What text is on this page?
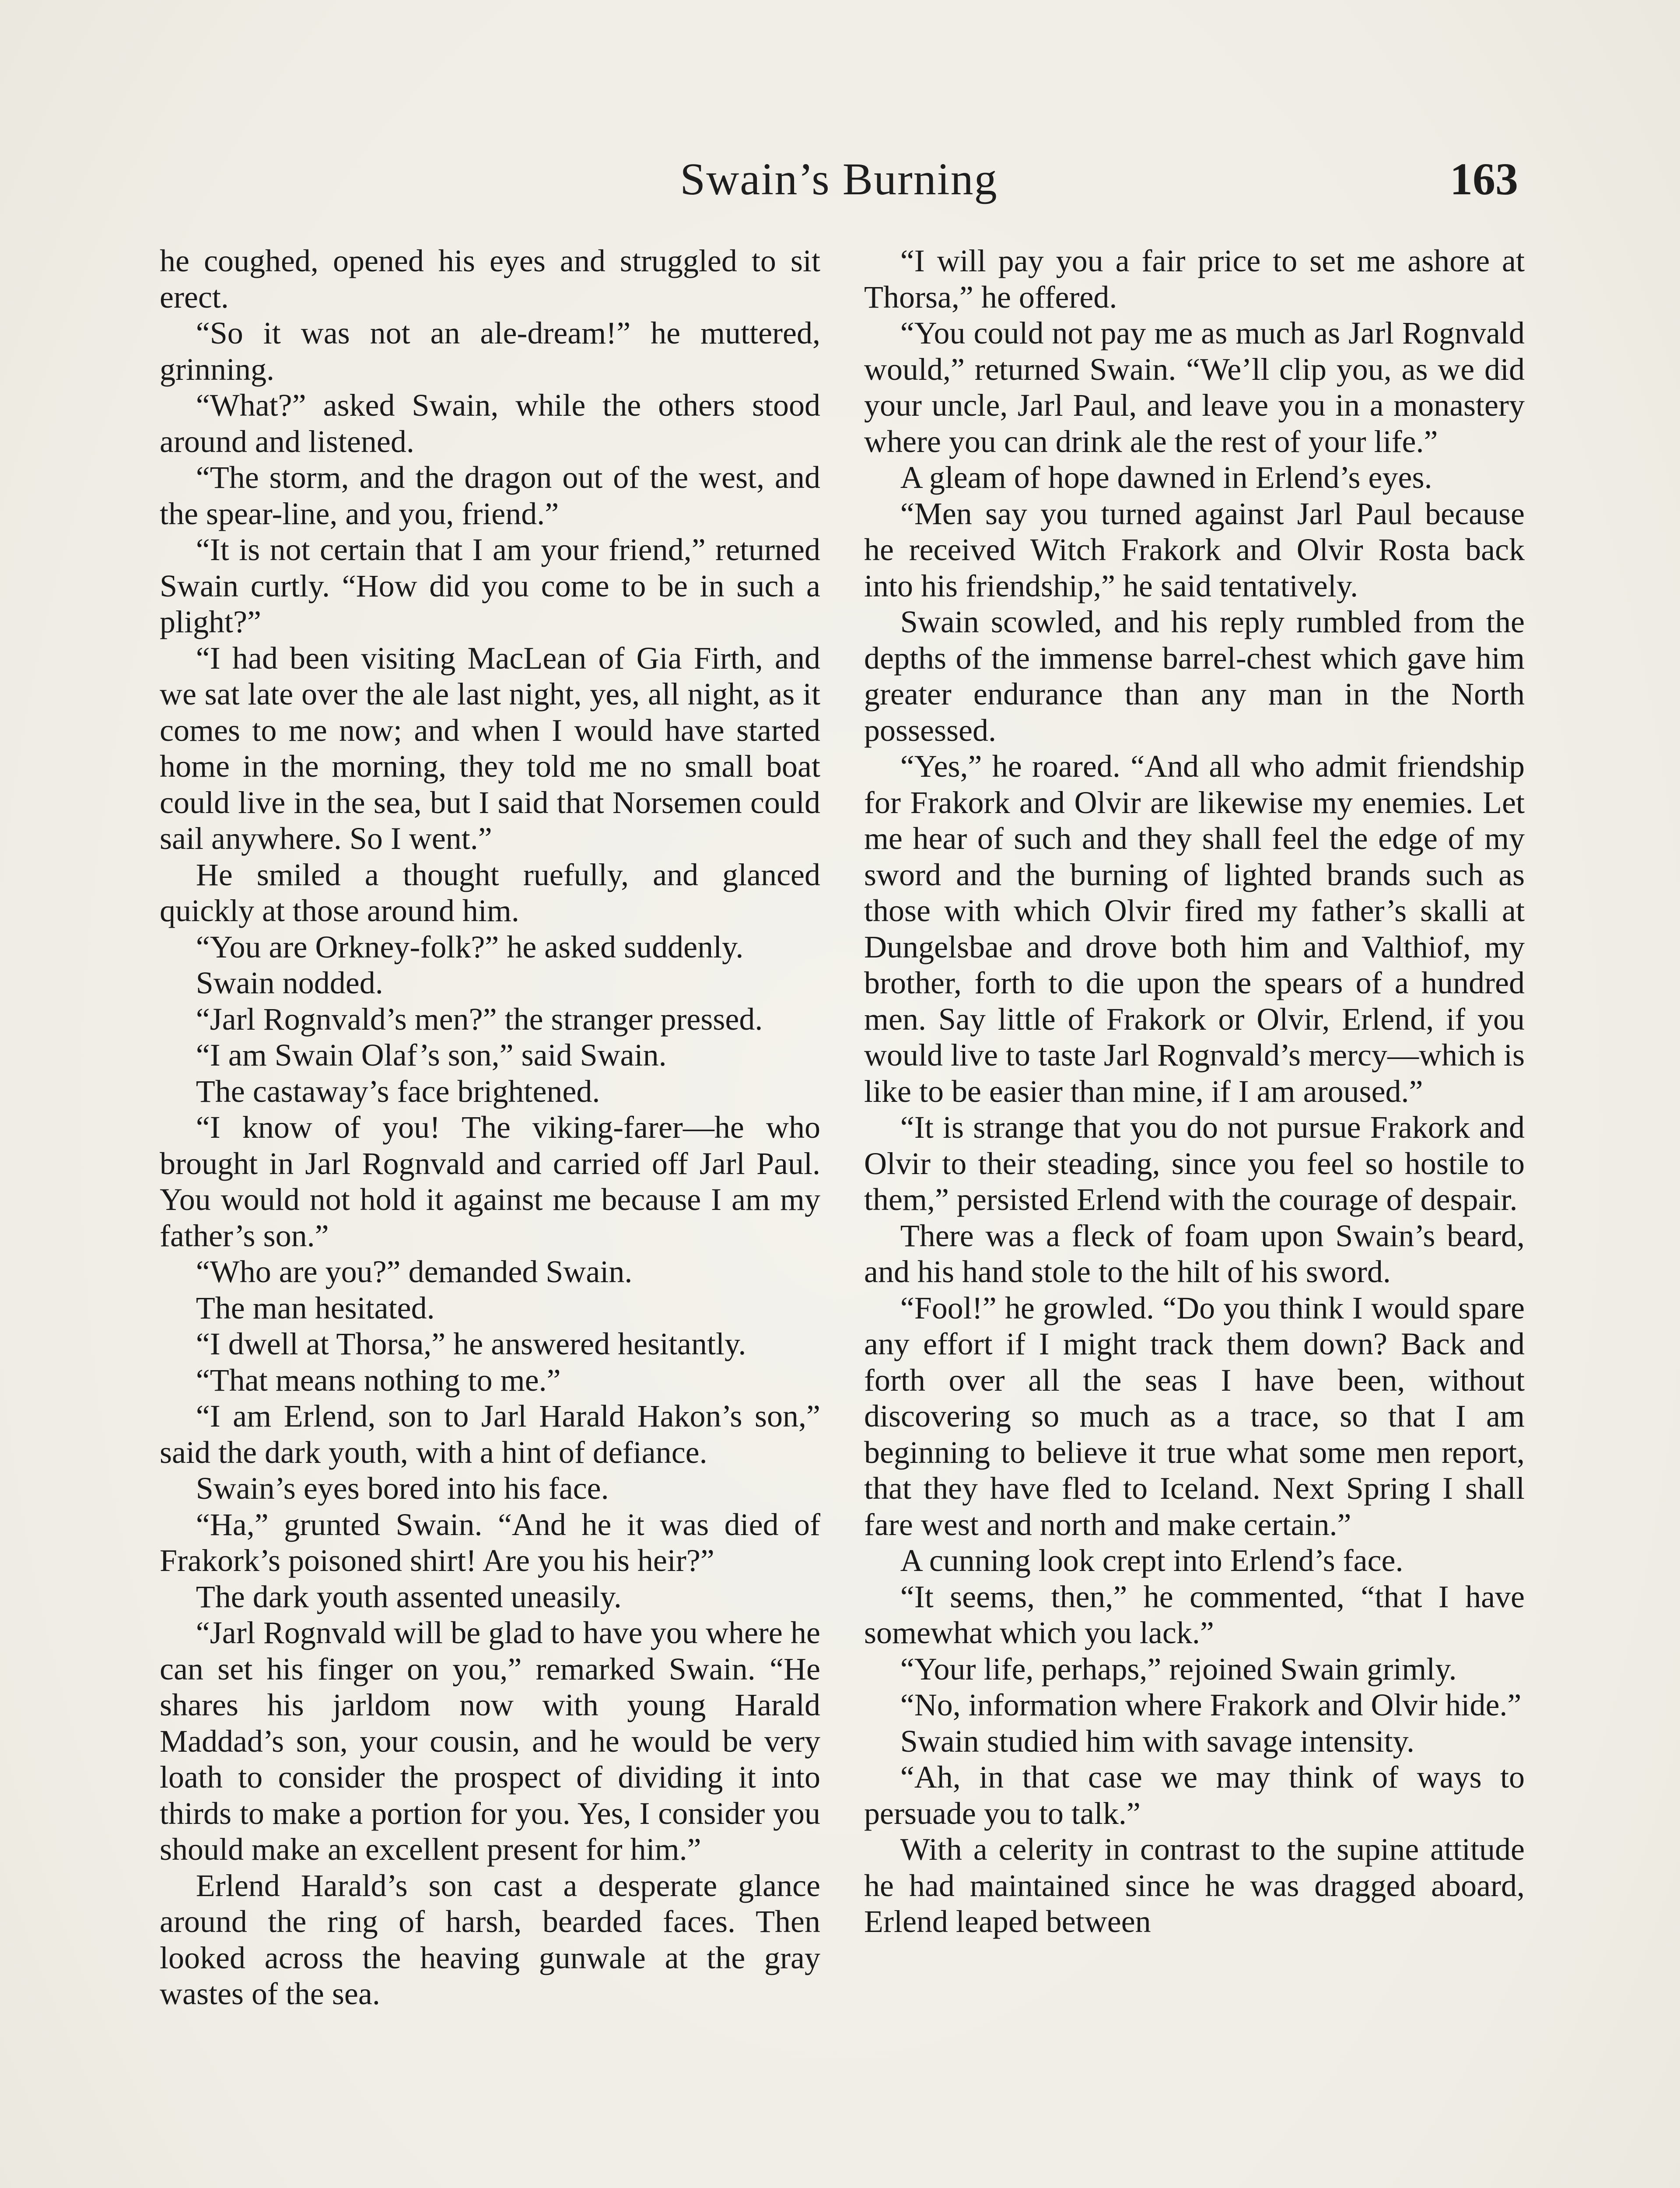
Swain’s Burning	163

he coughed, opened his eyes and struggled to sit erect.

“So it was not an ale-dream!” he muttered, grinning.

“What?” asked Swain, while the others stood around and listened.

“The storm, and the dragon out of the west, and the spear-line, and you, friend.”

“It is not certain that I am your friend,” returned Swain curtly. “How did you come to be in such a plight?”

“I had been visiting MacLean of Gia Firth, and we sat late over the ale last night, yes, all night, as it comes to me now; and when I would have started home in the morning, they told me no small boat could live in the sea, but I said that Norsemen could sail anywhere. So I went.”

He smiled a thought ruefully, and glanced quickly at those around him.

“You are Orkney-folk?” he asked suddenly.

Swain nodded.

“Jarl Rognvald’s men?” the stranger pressed.

“I am Swain Olaf’s son,” said Swain.

The castaway’s face brightened.

“I know of you! The viking-farer—he who brought in Jarl Rognvald and carried off Jarl Paul. You would not hold it against me because I am my father’s son.”

“Who are you?” demanded Swain.

The man hesitated.

“I dwell at Thorsa,” he answered hesitantly.

“That means nothing to me.”

“I am Erlend, son to Jarl Harald Hakon’s son,” said the dark youth, with a hint of defiance.

Swain’s eyes bored into his face.

“Ha,” grunted Swain. “And he it was died of Frakork’s poisoned shirt! Are you his heir?”

The dark youth assented uneasily.

“Jarl Rognvald will be glad to have you where he can set his finger on you,” remarked Swain. “He shares his jarldom now with young Harald Maddad’s son, your cousin, and he would be very loath to consider the prospect of dividing it into thirds to make a portion for you. Yes, I consider you should make an excellent present for him.”

Erlend Harald’s son cast a desperate glance around the ring of harsh, bearded faces. Then looked across the heaving gunwale at the gray wastes of the sea.

“I will pay you a fair price to set me ashore at Thorsa,” he offered.

“You could not pay me as much as Jarl Rognvald would,” returned Swain. “We’ll clip you, as we did your uncle, Jarl Paul, and leave you in a monastery where you can drink ale the rest of your life.”

A gleam of hope dawned in Erlend’s eyes.

“Men say you turned against Jarl Paul because he received Witch Frakork and Olvir Rosta back into his friendship,” he said tentatively.

Swain scowled, and his reply rumbled from the depths of the immense barrel-chest which gave him greater endurance than any man in the North possessed.

“Yes,” he roared. “And all who admit friendship for Frakork and Olvir are likewise my enemies. Let me hear of such and they shall feel the edge of my sword and the burning of lighted brands such as those with which Olvir fired my father’s skalli at Dungelsbae and drove both him and Valthiof, my brother, forth to die upon the spears of a hundred men. Say little of Frakork or Olvir, Erlend, if you would live to taste Jarl Rognvald’s mercy—which is like to be easier than mine, if I am aroused.”

“It is strange that you do not pursue Frakork and Olvir to their steading, since you feel so hostile to them,” persisted Erlend with the courage of despair.

There was a fleck of foam upon Swain’s beard, and his hand stole to the hilt of his sword.

“Fool!” he growled. “Do you think I would spare any effort if I might track them down? Back and forth over all the seas I have been, without discovering so much as a trace, so that I am beginning to believe it true what some men report, that they have fled to Iceland. Next Spring I shall fare west and north and make certain.”

A cunning look crept into Erlend’s face.

“It seems, then,” he commented, “that I have somewhat which you lack.”

“Your life, perhaps,” rejoined Swain grimly.

“No, information where Frakork and Olvir hide.”

Swain studied him with savage intensity.

“Ah, in that case we may think of ways to persuade you to talk.”

With a celerity in contrast to the supine attitude he had maintained since he was dragged aboard, Erlend leaped between
